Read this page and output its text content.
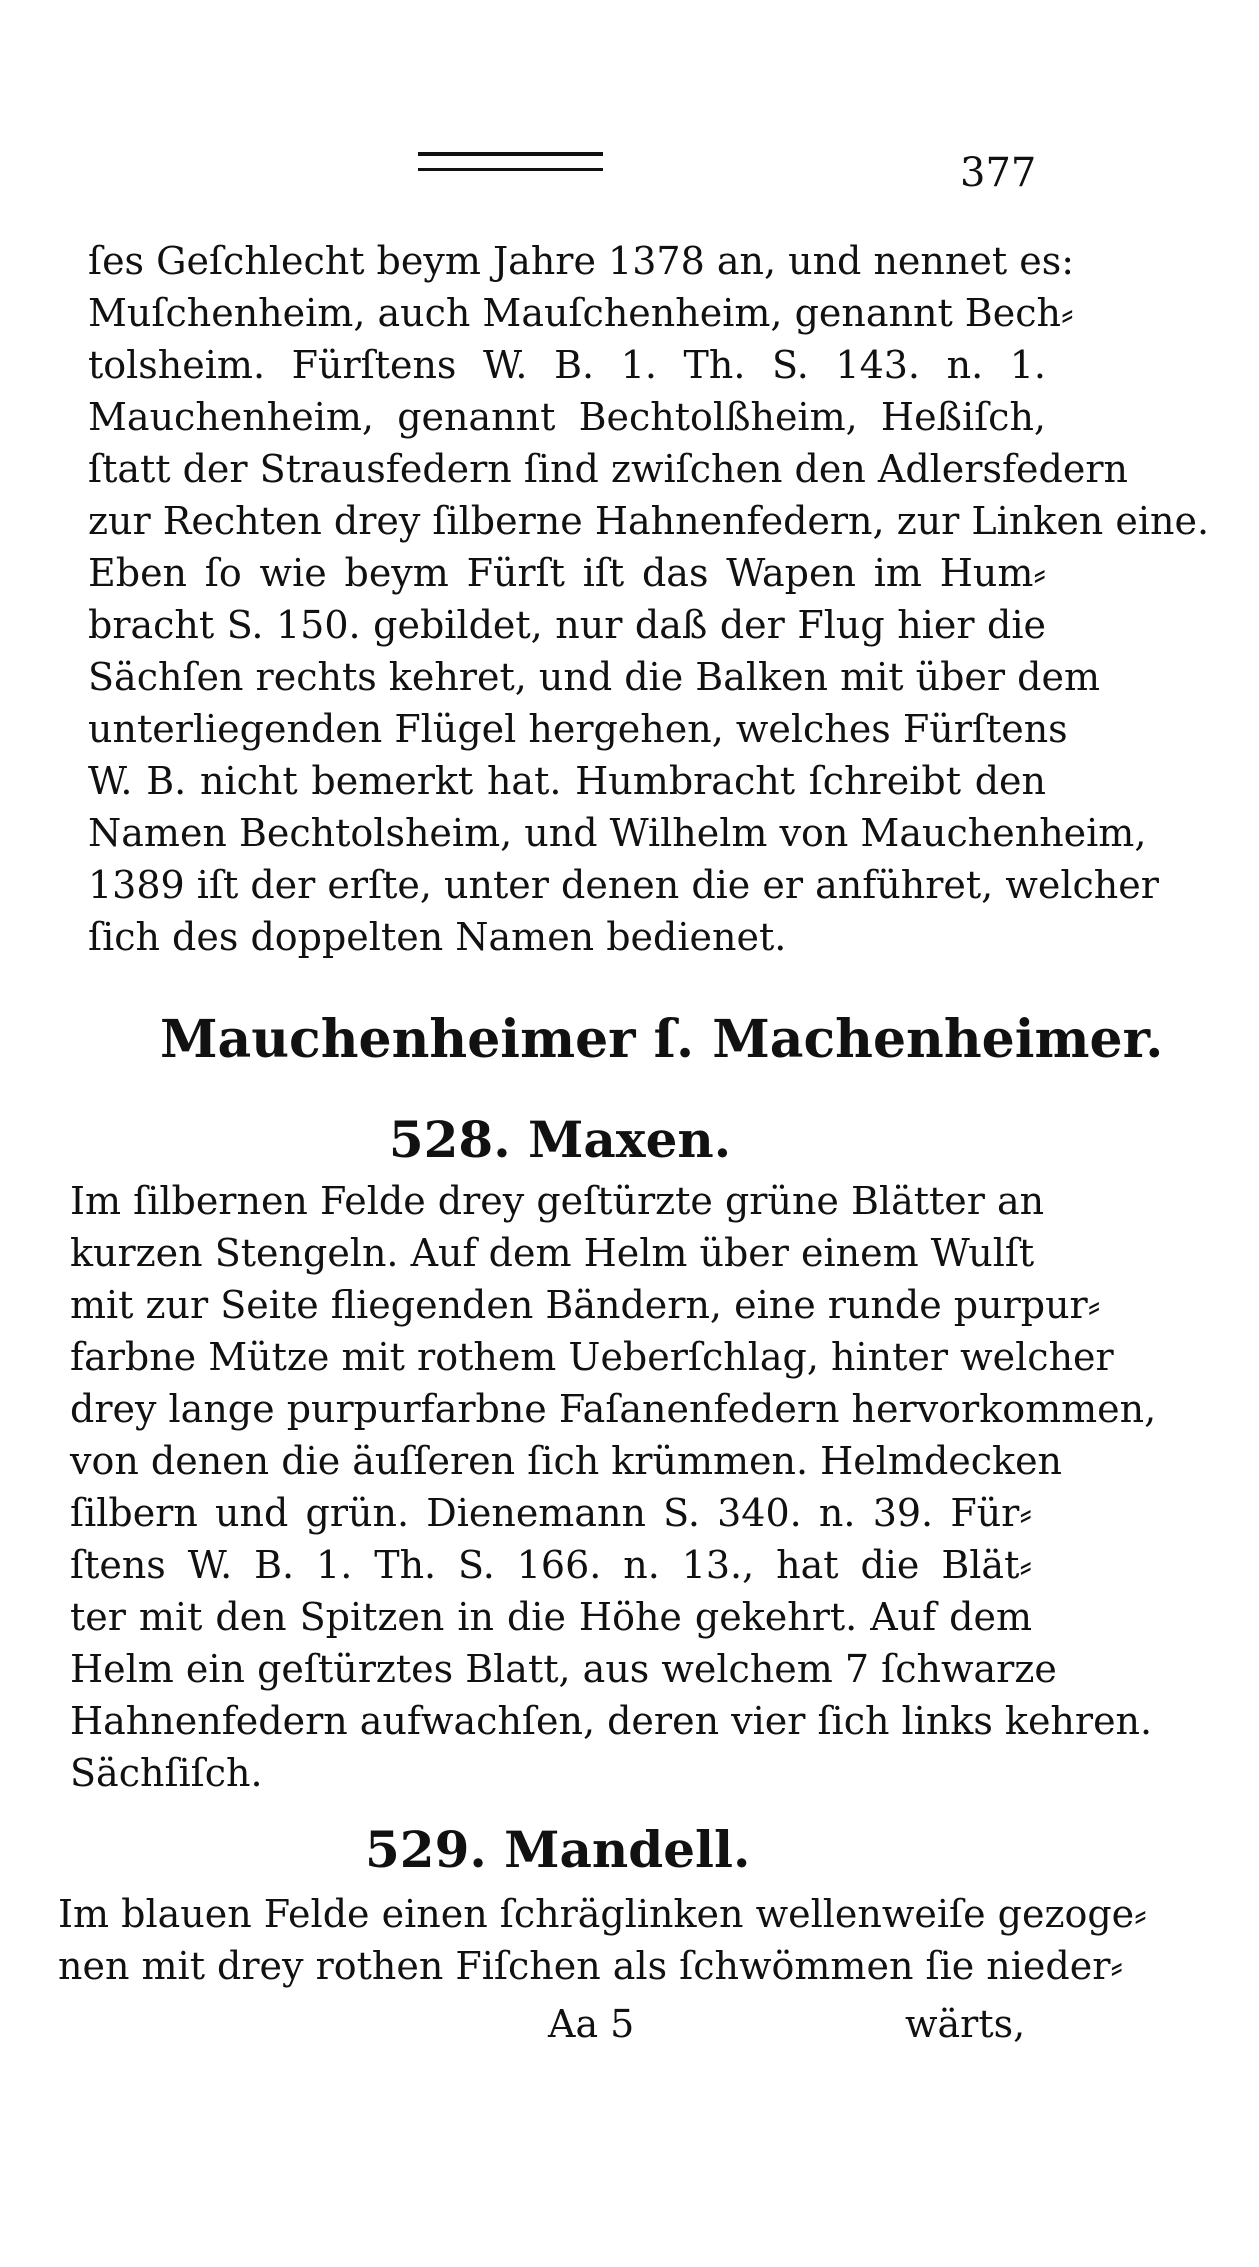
377
ſes Geſchlecht beym Jahre 1378 an, und nennet es:
Muſchenheim, auch Mauſchenheim, genannt Bech⸗
tolsheim. Fürſtens W. B. 1. Th. S. 143. n. 1.
Mauchenheim, genannt Bechtolßheim, Heßiſch,
ſtatt der Strausfedern ſind zwiſchen den Adlersfedern
zur Rechten drey ſilberne Hahnenfedern, zur Linken eine.
Eben ſo wie beym Fürſt iſt das Wapen im Hum⸗
bracht S. 150. gebildet, nur daß der Flug hier die
Sächſen rechts kehret, und die Balken mit über dem
unterliegenden Flügel hergehen, welches Fürſtens
W. B. nicht bemerkt hat. Humbracht ſchreibt den
Namen Bechtolsheim, und Wilhelm von Mauchenheim,
1389 iſt der erſte, unter denen die er anführet, welcher
ſich des doppelten Namen bedienet.
Mauchenheimer ſ. Machenheimer.
528. Maxen.
Im ſilbernen Felde drey geſtürzte grüne Blätter an
kurzen Stengeln. Auf dem Helm über einem Wulſt
mit zur Seite fliegenden Bändern, eine runde purpur⸗
farbne Mütze mit rothem Ueberſchlag, hinter welcher
drey lange purpurfarbne Faſanenfedern hervorkommen,
von denen die äuſſeren ſich krümmen. Helmdecken
ſilbern und grün. Dienemann S. 340. n. 39. Für⸗
ſtens W. B. 1. Th. S. 166. n. 13., hat die Blät⸗
ter mit den Spitzen in die Höhe gekehrt. Auf dem
Helm ein geſtürztes Blatt, aus welchem 7 ſchwarze
Hahnenfedern aufwachſen, deren vier ſich links kehren.
Sächſiſch.
529. Mandell.
Im blauen Felde einen ſchräglinken wellenweiſe gezoge⸗
nen mit drey rothen Fiſchen als ſchwömmen ſie nieder⸗
Aa 5	wärts,
